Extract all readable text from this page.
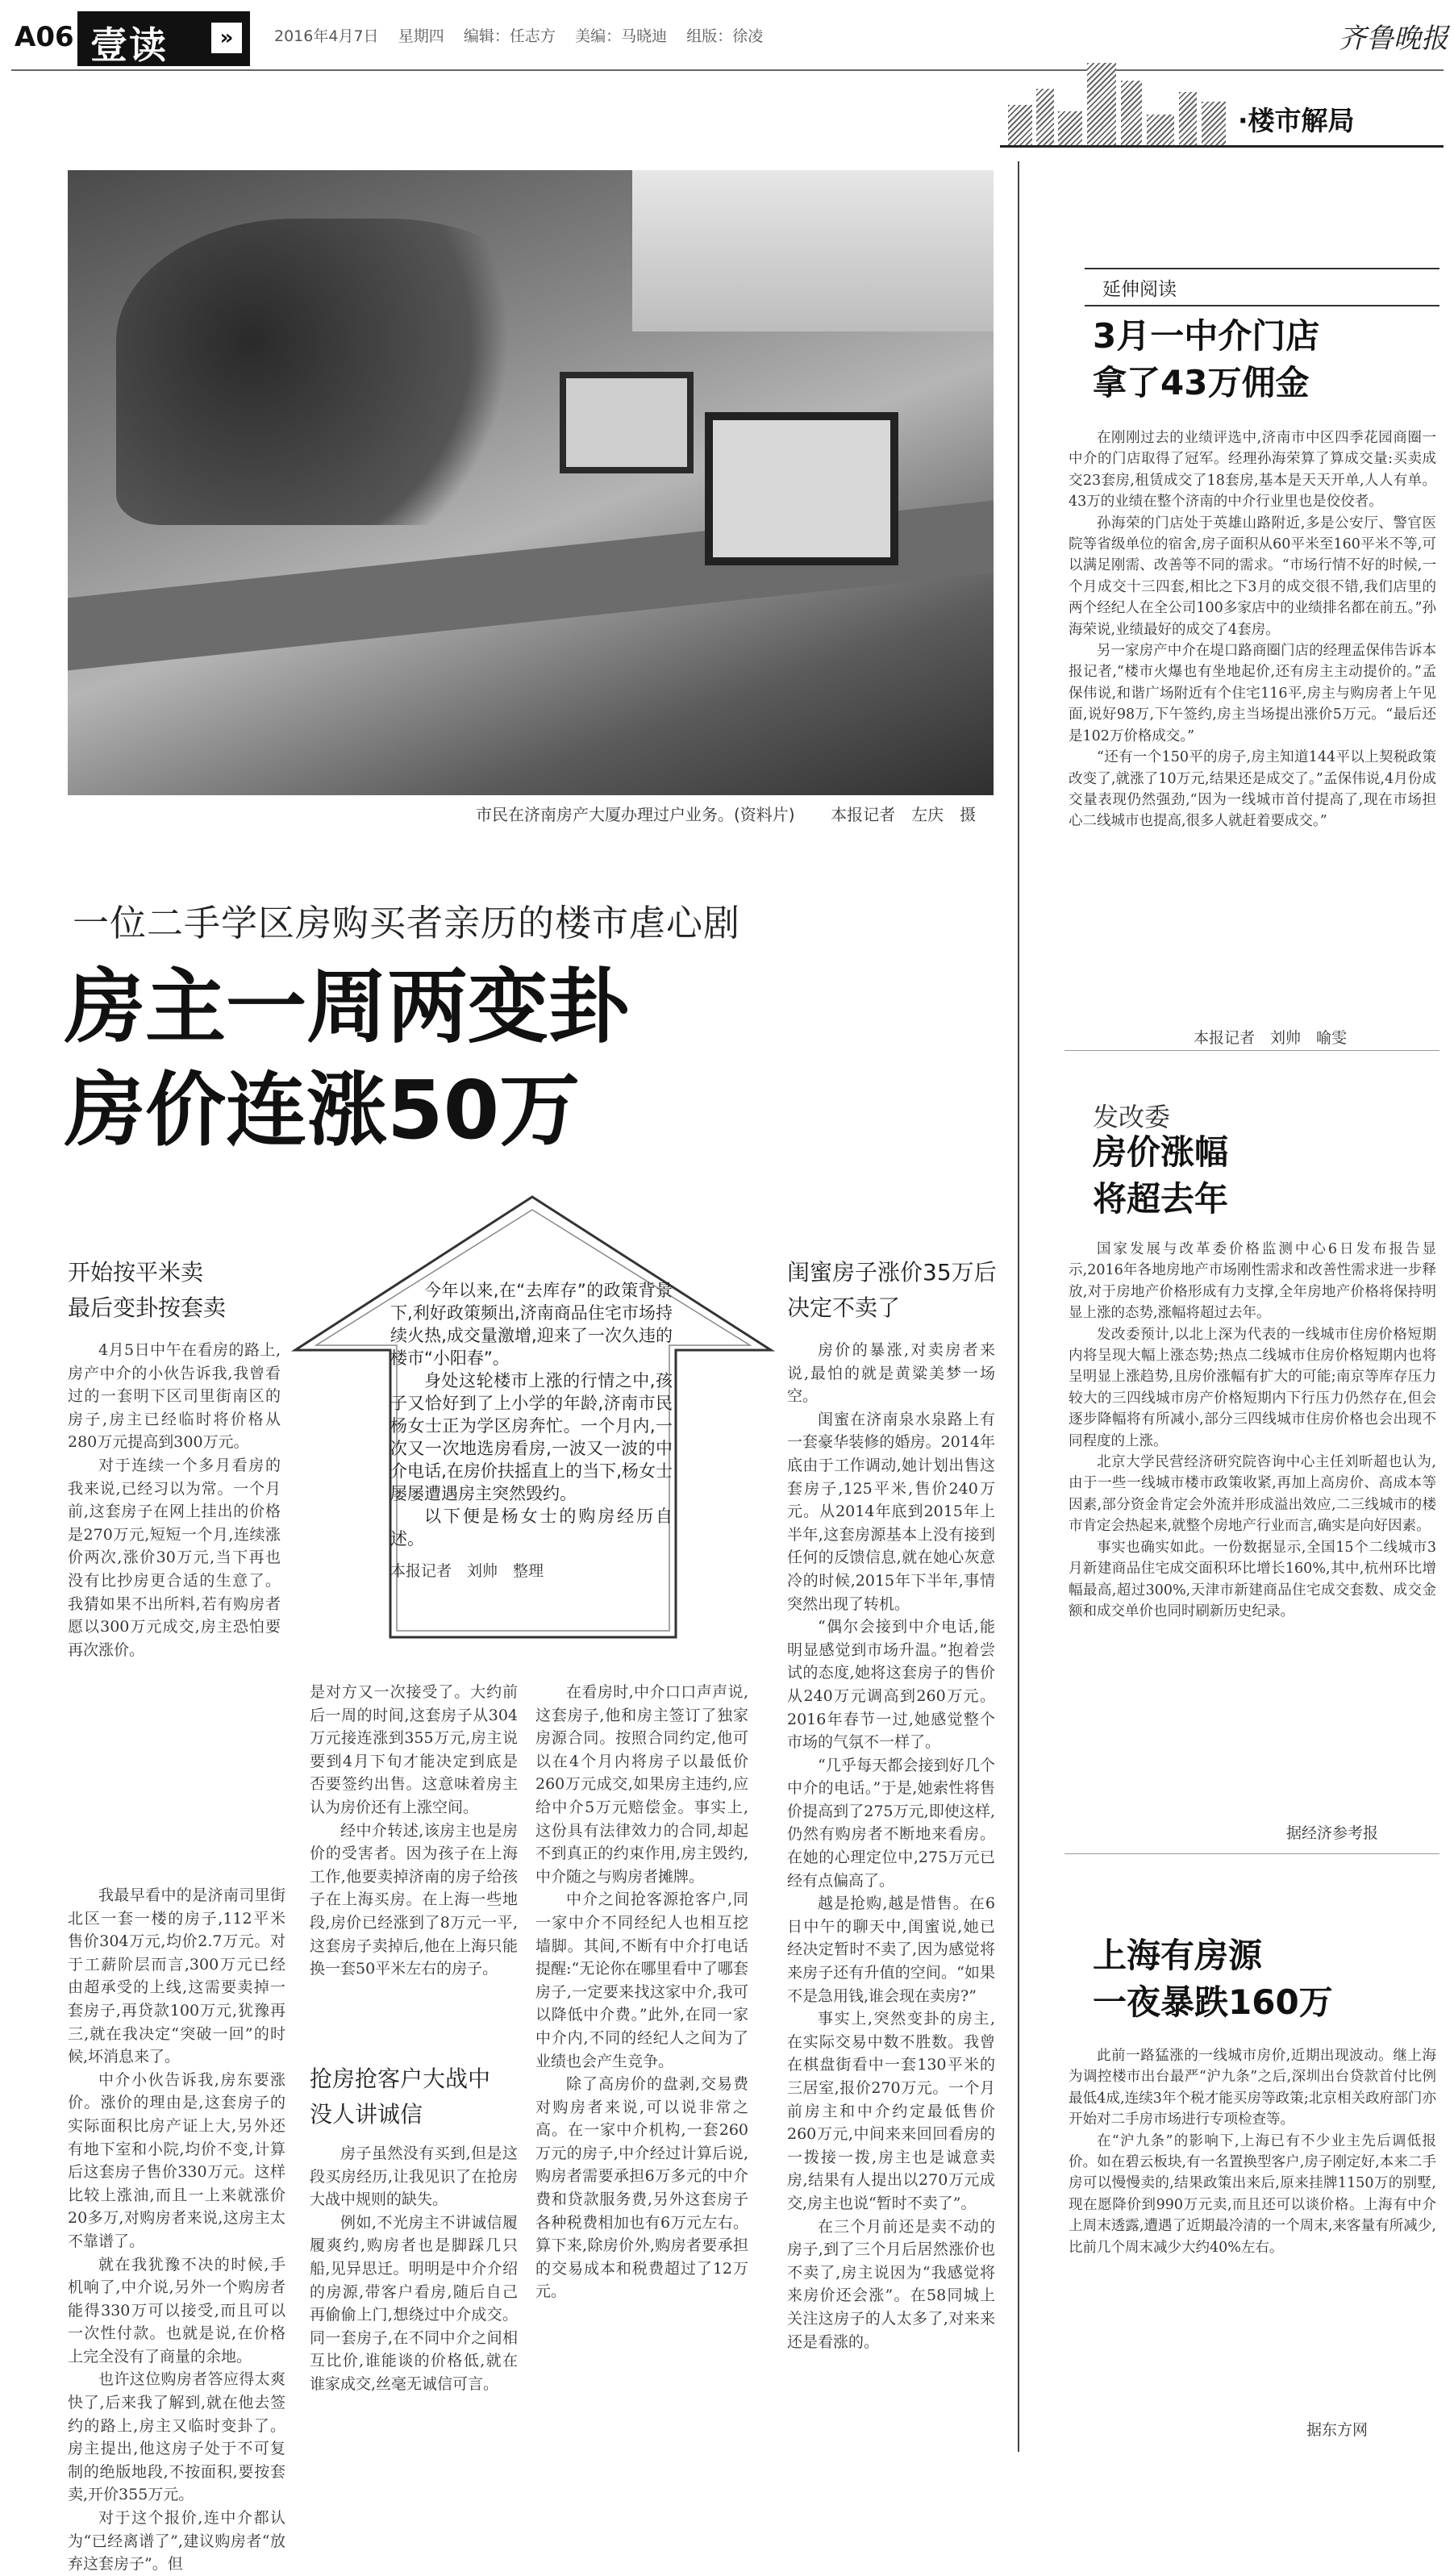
A06 壹读	»	2016年4月7日 星期四 编辑：任志方 美编：马晓迪 组版：徐凌	齐鲁晚报
·楼市解局
市民在济南房产大厦办理过户业务。(资料片) 本报记者　左庆　摄
一位二手学区房购买者亲历的楼市虐心剧
房主一周两变卦
房价连涨50万

今年以来,在“去库存”的政策背景下,利好政策频出,济南商品住宅市场持续火热,成交量激增,迎来了一次久违的楼市“小阳春”。

身处这轮楼市上涨的行情之中,孩子又恰好到了上小学的年龄,济南市民杨女士正为学区房奔忙。一个月内,一次又一次地选房看房,一波又一波的中介电话,在房价扶摇直上的当下,杨女士屡屡遭遇房主突然毁约。

以下便是杨女士的购房经历自述。

本报记者　刘帅　整理

开始按平米卖
最后变卦按套卖

4月5日中午在看房的路上,房产中介的小伙告诉我,我曾看过的一套明下区司里街南区的房子,房主已经临时将价格从280万元提高到300万元。

对于连续一个多月看房的我来说,已经习以为常。一个月前,这套房子在网上挂出的价格是270万元,短短一个月,连续涨价两次,涨价30万元,当下再也没有比抄房更合适的生意了。我猜如果不出所料,若有购房者愿以300万元成交,房主恐怕要再次涨价。

我最早看中的是济南司里街北区一套一楼的房子,112平米售价304万元,均价2.7万元。对于工薪阶层而言,300万元已经由超承受的上线,这需要卖掉一套房子,再贷款100万元,犹豫再三,就在我决定“突破一回”的时候,坏消息来了。

中介小伙告诉我,房东要涨价。涨价的理由是,这套房子的实际面积比房产证上大,另外还有地下室和小院,均价不变,计算后这套房子售价330万元。这样比较上涨油,而且一上来就涨价20多万,对购房者来说,这房主太不靠谱了。

就在我犹豫不决的时候,手机响了,中介说,另外一个购房者能得330万可以接受,而且可以一次性付款。也就是说,在价格上完全没有了商量的余地。

也许这位购房者答应得太爽快了,后来我了解到,就在他去签约的路上,房主又临时变卦了。房主提出,他这房子处于不可复制的绝版地段,不按面积,要按套卖,开价355万元。

对于这个报价,连中介都认为“已经离谱了”,建议购房者“放弃这套房子”。但

是对方又一次接受了。大约前后一周的时间,这套房子从304万元接连涨到355万元,房主说要到4月下旬才能决定到底是否要签约出售。这意味着房主认为房价还有上涨空间。

经中介转述,该房主也是房价的受害者。因为孩子在上海工作,他要卖掉济南的房子给孩子在上海买房。在上海一些地段,房价已经涨到了8万元一平,这套房子卖掉后,他在上海只能换一套50平米左右的房子。

抢房抢客户大战中
没人讲诚信

房子虽然没有买到,但是这段买房经历,让我见识了在抢房大战中规则的缺失。

例如,不光房主不讲诚信履履爽约,购房者也是脚踩几只船,见异思迁。明明是中介介绍的房源,带客户看房,随后自己再偷偷上门,想绕过中介成交。同一套房子,在不同中介之间相互比价,谁能谈的价格低,就在谁家成交,丝毫无诚信可言。

在看房时,中介口口声声说,这套房子,他和房主签订了独家房源合同。按照合同约定,他可以在4个月内将房子以最低价260万元成交,如果房主违约,应给中介5万元赔偿金。事实上,这份具有法律效力的合同,却起不到真正的约束作用,房主毁约,中介随之与购房者摊牌。

中介之间抢客源抢客户,同一家中介不同经纪人也相互挖墙脚。其间,不断有中介打电话提醒:“无论你在哪里看中了哪套房子,一定要来找这家中介,我可以降低中介费。”此外,在同一家中介内,不同的经纪人之间为了业绩也会产生竞争。

除了高房价的盘剥,交易费对购房者来说,可以说非常之高。在一家中介机构,一套260万元的房子,中介经过计算后说,购房者需要承担6万多元的中介费和贷款服务费,另外这套房子各种税费相加也有6万元左右。算下来,除房价外,购房者要承担的交易成本和税费超过了12万元。

闺蜜房子涨价35万后
决定不卖了

房价的暴涨,对卖房者来说,最怕的就是黄粱美梦一场空。

闺蜜在济南泉水泉路上有一套豪华装修的婚房。2014年底由于工作调动,她计划出售这套房子,125平米,售价240万元。从2014年底到2015年上半年,这套房源基本上没有接到任何的反馈信息,就在她心灰意冷的时候,2015年下半年,事情突然出现了转机。

“偶尔会接到中介电话,能明显感觉到市场升温。”抱着尝试的态度,她将这套房子的售价从240万元调高到260万元。2016年春节一过,她感觉整个市场的气氛不一样了。

“几乎每天都会接到好几个中介的电话。”于是,她索性将售价提高到了275万元,即使这样,仍然有购房者不断地来看房。在她的心理定位中,275万元已经有点偏高了。

越是抢购,越是惜售。在6日中午的聊天中,闺蜜说,她已经决定暂时不卖了,因为感觉将来房子还有升值的空间。“如果不是急用钱,谁会现在卖房?”

事实上,突然变卦的房主,在实际交易中数不胜数。我曾在棋盘街看中一套130平米的三居室,报价270万元。一个月前房主和中介约定最低售价260万元,中间来来回回看房的一拨接一拨,房主也是诚意卖房,结果有人提出以270万元成交,房主也说“暂时不卖了”。

在三个月前还是卖不动的房子,到了三个月后居然涨价也不卖了,房主说因为“我感觉将来房价还会涨”。在58同城上关注这房子的人太多了,对来来还是看涨的。

延伸阅读
3月一中介门店
拿了43万佣金

在刚刚过去的业绩评选中,济南市中区四季花园商圈一中介的门店取得了冠军。经理孙海荣算了算成交量:买卖成交23套房,租赁成交了18套房,基本是天天开单,人人有单。43万的业绩在整个济南的中介行业里也是佼佼者。

孙海荣的门店处于英雄山路附近,多是公安厅、警官医院等省级单位的宿舍,房子面积从60平米至160平米不等,可以满足刚需、改善等不同的需求。“市场行情不好的时候,一个月成交十三四套,相比之下3月的成交很不错,我们店里的两个经纪人在全公司100多家店中的业绩排名都在前五。”孙海荣说,业绩最好的成交了4套房。

另一家房产中介在堤口路商圈门店的经理孟保伟告诉本报记者,“楼市火爆也有坐地起价,还有房主主动提价的。”孟保伟说,和谐广场附近有个住宅116平,房主与购房者上午见面,说好98万,下午签约,房主当场提出涨价5万元。“最后还是102万价格成交。”

“还有一个150平的房子,房主知道144平以上契税政策改变了,就涨了10万元,结果还是成交了。”孟保伟说,4月份成交量表现仍然强劲,“因为一线城市首付提高了,现在市场担心二线城市也提高,很多人就赶着要成交。”

本报记者　刘帅　喻雯
发改委
房价涨幅
将超去年

国家发展与改革委价格监测中心6日发布报告显示,2016年各地房地产市场刚性需求和改善性需求进一步释放,对于房地产价格形成有力支撑,全年房地产价格将保持明显上涨的态势,涨幅将超过去年。

发改委预计,以北上深为代表的一线城市住房价格短期内将呈现大幅上涨态势;热点二线城市住房价格短期内也将呈明显上涨趋势,且房价涨幅有扩大的可能;南京等库存压力较大的三四线城市房产价格短期内下行压力仍然存在,但会逐步降幅将有所减小,部分三四线城市住房价格也会出现不同程度的上涨。

北京大学民营经济研究院咨询中心主任刘昕超也认为,由于一些一线城市楼市政策收紧,再加上高房价、高成本等因素,部分资金肯定会外流并形成溢出效应,二三线城市的楼市肯定会热起来,就整个房地产行业而言,确实是向好因素。

事实也确实如此。一份数据显示,全国15个二线城市3月新建商品住宅成交面积环比增长160%,其中,杭州环比增幅最高,超过300%,天津市新建商品住宅成交套数、成交金额和成交单价也同时刷新历史纪录。

据经济参考报
上海有房源
一夜暴跌160万

此前一路猛涨的一线城市房价,近期出现波动。继上海为调控楼市出台最严“沪九条”之后,深圳出台贷款首付比例最低4成,连续3年个税才能买房等政策;北京相关政府部门亦开始对二手房市场进行专项检查等。

在“沪九条”的影响下,上海已有不少业主先后调低报价。如在碧云板块,有一名置换型客户,房子刚定好,本来二手房可以慢慢卖的,结果政策出来后,原来挂牌1150万的别墅,现在愿降价到990万元卖,而且还可以谈价格。上海有中介上周末透露,遭遇了近期最冷清的一个周末,来客量有所减少,比前几个周末减少大约40%左右。

据东方网
